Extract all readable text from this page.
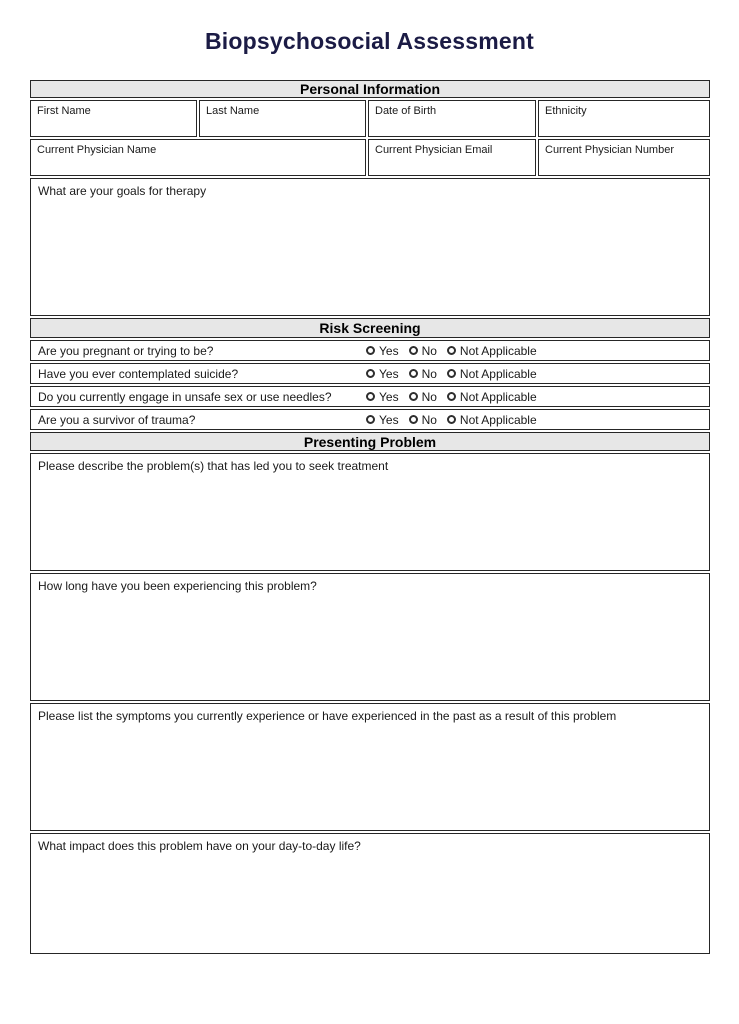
Biopsychosocial Assessment
Personal Information
First Name	Last Name	Date of Birth	Ethnicity
Current Physician Name	Current Physician Email	Current Physician Number
What are your goals for therapy
Risk Screening
Are you pregnant or trying to be?	Yes No Not Applicable
Have you ever contemplated suicide?	Yes No Not Applicable
Do you currently engage in unsafe sex or use needles?	Yes No Not Applicable
Are you a survivor of trauma?	Yes No Not Applicable
Presenting Problem
Please describe the problem(s) that has led you to seek treatment
How long have you been experiencing this problem?
Please list the symptoms you currently experience or have experienced in the past as a result of this problem
What impact does this problem have on your day-to-day life?
